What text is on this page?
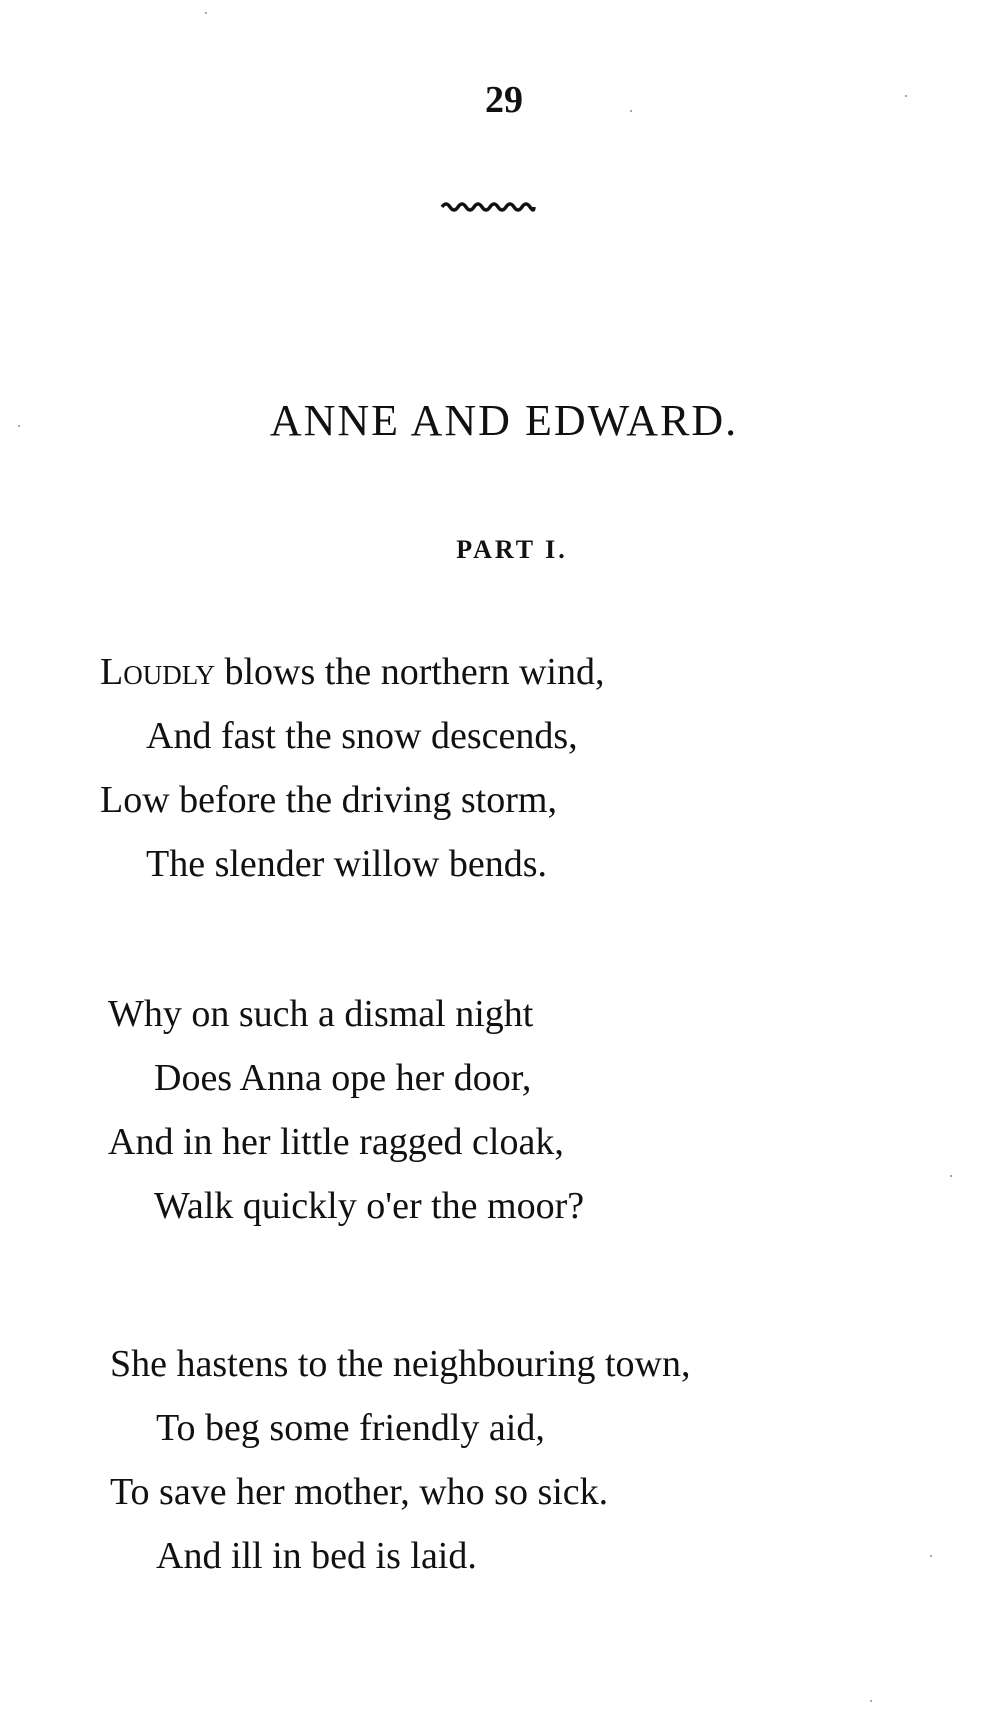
29
ANNE AND EDWARD.
PART I.
Loudly blows the northern wind,
And fast the snow descends,
Low before the driving storm,
The slender willow bends.
Why on such a dismal night
Does Anna ope her door,
And in her little ragged cloak,
Walk quickly o'er the moor?
She hastens to the neighbouring town,
To beg some friendly aid,
To save her mother, who so sick.
And ill in bed is laid.
